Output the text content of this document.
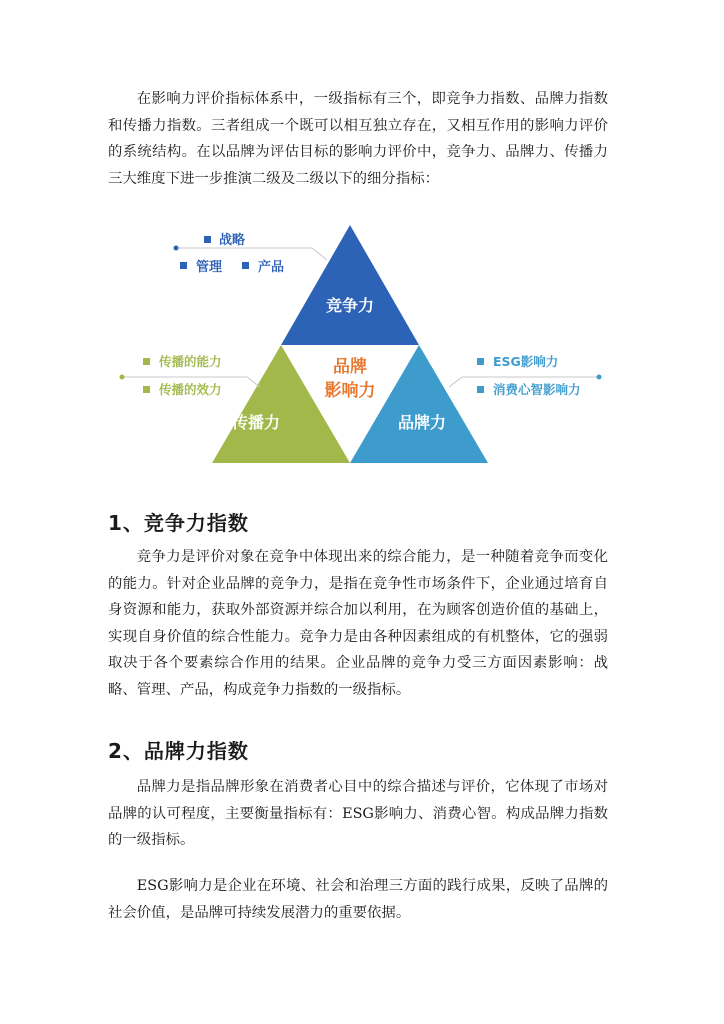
在影响力评价指标体系中，一级指标有三个，即竞争力指数、品牌力指数和传播力指数。三者组成一个既可以相互独立存在，又相互作用的影响力评价的系统结构。在以品牌为评估目标的影响力评价中，竞争力、品牌力、传播力三大维度下进一步推演二级及二级以下的细分指标：

竞争力
传播力	品牌力
品牌
影响力
战略
管理	产品
传播的能力
传播的效力
ESG影响力
消费心智影响力
1、竞争力指数

竞争力是评价对象在竞争中体现出来的综合能力，是一种随着竞争而变化的能力。针对企业品牌的竞争力，是指在竞争性市场条件下，企业通过培育自身资源和能力，获取外部资源并综合加以利用，在为顾客创造价值的基础上，实现自身价值的综合性能力。竞争力是由各种因素组成的有机整体，它的强弱取决于各个要素综合作用的结果。企业品牌的竞争力受三方面因素影响：战略、管理、产品，构成竞争力指数的一级指标。

2、品牌力指数

品牌力是指品牌形象在消费者心目中的综合描述与评价，它体现了市场对品牌的认可程度，主要衡量指标有：ESG影响力、消费心智。构成品牌力指数的一级指标。

ESG影响力是企业在环境、社会和治理三方面的践行成果，反映了品牌的社会价值，是品牌可持续发展潜力的重要依据。
